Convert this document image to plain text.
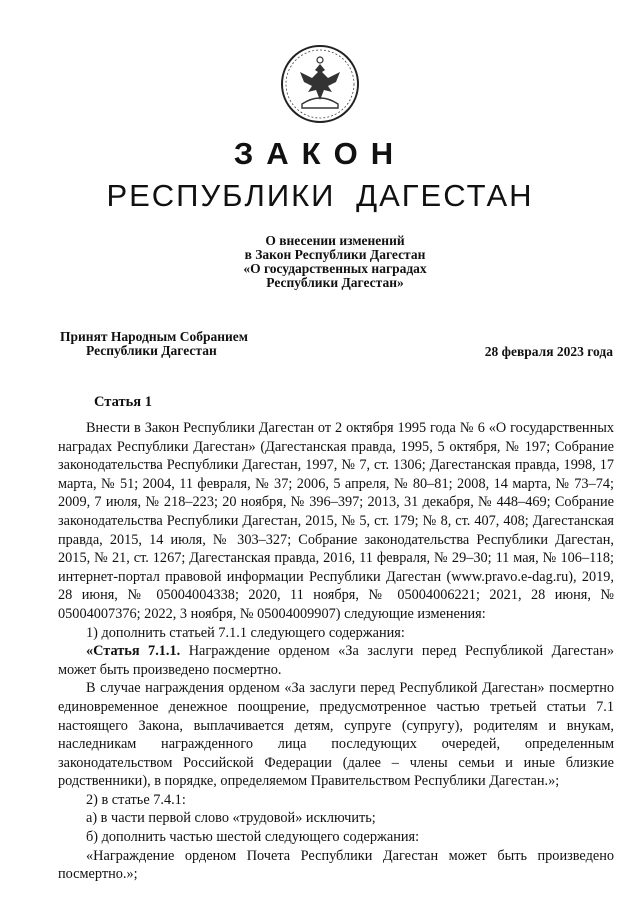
ЗАКОН
РЕСПУБЛИКИ ДАГЕСТАН
О внесении изменений
в Закон Республики Дагестан
«О государственных наградах
Республики Дагестан»
Принят Народным Собранием
Республики Дагестан	28 февраля 2023 года
Статья 1

Внести в Закон Республики Дагестан от 2 октября 1995 года № 6 «О государственных наградах Республики Дагестан» (Дагестанская правда, 1995, 5 октября, № 197; Собрание законодательства Республики Дагестан, 1997, № 7, ст. 1306; Дагестанская правда, 1998, 17 марта, № 51; 2004, 11 февраля, № 37; 2006, 5 апреля, № 80–81; 2008, 14 марта, № 73–74; 2009, 7 июля, № 218–223; 20 ноября, № 396–397; 2013, 31 декабря, № 448–469; Собрание законодательства Республики Дагестан, 2015, № 5, ст. 179; № 8, ст. 407, 408; Дагестанская правда, 2015, 14 июля, № 303–327; Собрание законодательства Республики Дагестан, 2015, № 21, ст. 1267; Дагестанская правда, 2016, 11 февраля, № 29–30; 11 мая, № 106–118; интернет-портал правовой информации Республики Дагестан (www.pravo.e-dag.ru), 2019, 28 июня, № 05004004338; 2020, 11 ноября, № 05004006221; 2021, 28 июня, № 05004007376; 2022, 3 ноября, № 05004009907) следующие изменения:

1) дополнить статьей 7.1.1 следующего содержания:

«Статья 7.1.1. Награждение орденом «За заслуги перед Республикой Дагестан» может быть произведено посмертно.

В случае награждения орденом «За заслуги перед Республикой Дагестан» посмертно единовременное денежное поощрение, предусмотренное частью третьей статьи 7.1 настоящего Закона, выплачивается детям, супруге (супругу), родителям и внукам, наследникам награжденного лица последующих очередей, определенным законодательством Российской Федерации (далее – члены семьи и иные близкие родственники), в порядке, определяемом Правительством Республики Дагестан.»;

2) в статье 7.4.1:

а) в части первой слово «трудовой» исключить;

б) дополнить частью шестой следующего содержания:

«Награждение орденом Почета Республики Дагестан может быть произведено посмертно.»;
